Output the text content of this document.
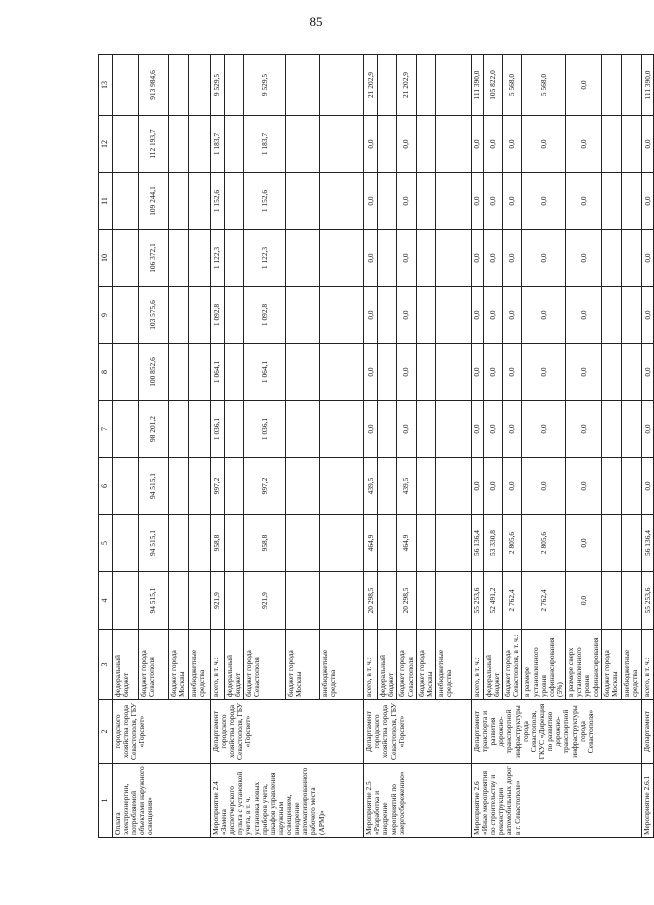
85
1	2	3	4	5	6	7	8	9	10	11	12	13
Оплата электроэнергии, потребляемой объектами наружного освещения»	городского хозяйства города Севастополя, ГБУ «Горсвет»	федеральный бюджет										
		бюджет города Севастополя	94 515,1	94 515,1	94 515,1	98 201,2	100 852,6	103 575,6	106 372,1	109 244,1	112 193,7	913 984,6
		бюджет города Москвы										
		внебюджетные средства										
Мероприятие 2.4 «Замена диспетчерского пульта с установкой учета, в т. ч. установка новых приборов учета, шкафов управления наружным освещением, внедрение автоматизированного рабочего места (АРМ)»	Департамент городского хозяйства города Севастополя, ГБУ «Горсвет»	всего, в т. ч.:	921,9	958,8	997,2	1 036,1	1 064,1	1 092,8	1 122,3	1 152,6	1 183,7	9 529,5
		федеральный бюджет										
		бюджет города Севастополя	921,9	958,8	997,2	1 036,1	1 064,1	1 092,8	1 122,3	1 152,6	1 183,7	9 529,5
		бюджет города Москвы										
		внебюджетные средства										
Мероприятие 2.5 «Разработка и внедрение мероприятий по энергосбережению»	Департамент городского хозяйства города Севастополя, ГБУ «Горсвет»	всего, в т. ч.:	20 298,5	464,9	439,5	0,0	0,0	0,0	0,0	0,0	0,0	21 202,9
		федеральный бюджет										
		бюджет города Севастополя	20 298,5	464,9	439,5	0,0	0,0	0,0	0,0	0,0	0,0	21 202,9
		бюджет города Москвы										
		внебюджетные средства										
Мероприятие 2.6 «Иные мероприятия по строительству и реконструкции автомобильных дорог в г. Севастополе»	Департамент транспорта и развития дорожно-транспортной инфраструктуры города Севастополя, ГКУС «Дирекция по развитию дорожно-транспортной инфраструктуры города Севастополя»	всего, в т. ч.:	55 253,6	56 136,4	0,0	0,0	0,0	0,0	0,0	0,0	0,0	111 390,0
		федеральный бюджет	52 491,2	53 330,8	0,0	0,0	0,0	0,0	0,0	0,0	0,0	105 822,0
		бюджет города Севастополя, в т. ч.:	2 762,4	2 805,6	0,0	0,0	0,0	0,0	0,0	0,0	0,0	5 568,0
		в размере установленного уровня софинансирования (5%)	2 762,4	2 805,6	0,0	0,0	0,0	0,0	0,0	0,0	0,0	5 568,0
		в размере сверх установленного уровня софинансирования	0,0	0,0	0,0	0,0	0,0	0,0	0,0	0,0	0,0	0,0
		бюджет города Москвы										
		внебюджетные средства										
Мероприятие 2.6.1	Департамент	всего, в т. ч.:	55 253,6	56 136,4	0,0	0,0	0,0	0,0	0,0	0,0	0,0	111 390,0
